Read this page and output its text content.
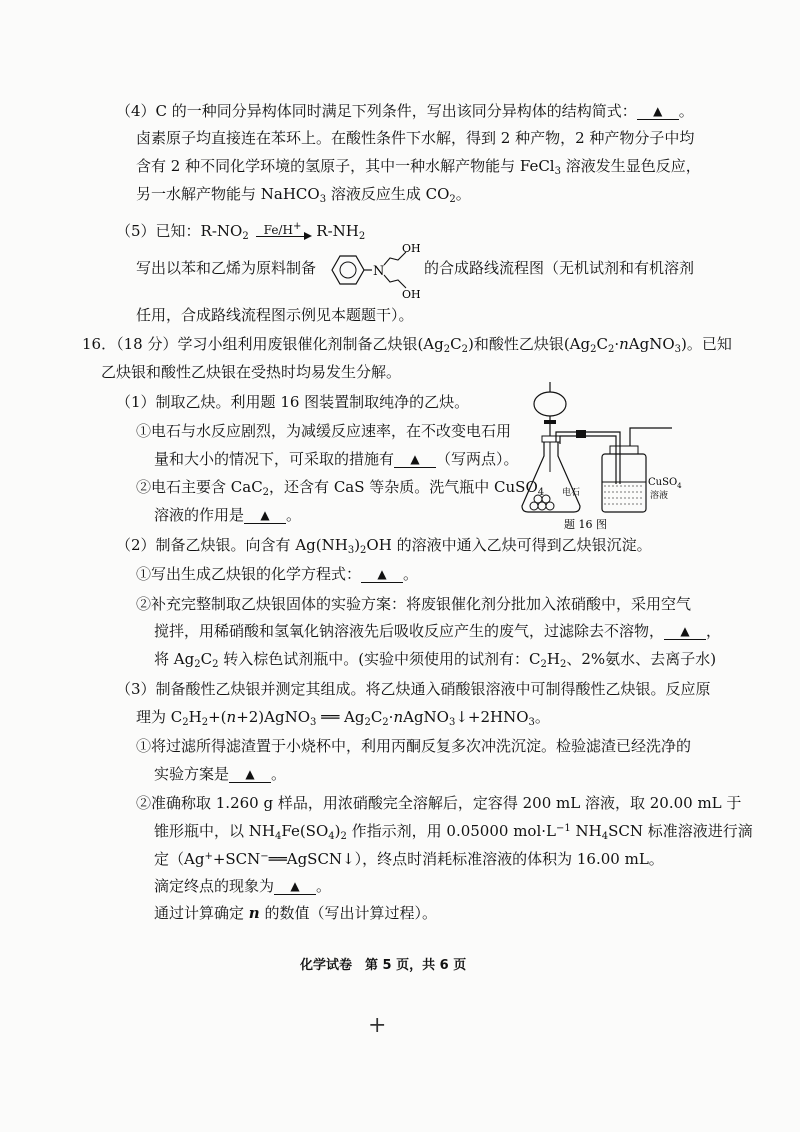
（4）C 的一种同分异构体同时满足下列条件，写出该同分异构体的结构简式： ▲ 。
卤素原子均直接连在苯环上。在酸性条件下水解，得到 2 种产物，2 种产物分子中均
含有 2 种不同化学环境的氢原子，其中一种水解产物能与 FeCl$_3$ 溶液发生显色反应，
另一水解产物能与 NaHCO$_3$ 溶液反应生成 $CO_2$。
（5）已知：$R-NO_2$ Fe/H+ $R-NH_2$
写出以苯和乙烯为原料制备	N
OH
OH
的合成路线流程图（无机试剂和有机溶剂
任用，合成路线流程图示例见本题题干）。
16．（18 分）学习小组利用废银催化剂制备乙炔银$(Ag_2C_2)$和酸性乙炔银$(Ag_2C_2\cdot nAgNO_3)$。已知
乙炔银和酸性乙炔银在受热时均易发生分解。
（1）制取乙炔。利用题 16 图装置制取纯净的乙炔。
①电石与水反应剧烈，为减缓反应速率，在不改变电石用
量和大小的情况下，可采取的措施有 ▲ （写两点）。
②电石主要含 CaC$_2$，还含有 CaS 等杂质。洗气瓶中 CuSO$_4$
溶液的作用是 ▲ 。
电石
CuSO$_4$
溶液
题 16 图
（2）制备乙炔银。向含有 $Ag(NH_3)_2OH$ 的溶液中通入乙炔可得到乙炔银沉淀。
①写出生成乙炔银的化学方程式： ▲ 。
②补充完整制取乙炔银固体的实验方案：将废银催化剂分批加入浓硝酸中，采用空气
搅拌，用稀硝酸和氢氧化钠溶液先后吸收反应产生的废气，过滤除去不溶物， ▲ ，
将 $Ag_2C_2$ 转入棕色试剂瓶中。(实验中须使用的试剂有：$C_2H_2$、2%氨水、去离子水)
（3）制备酸性乙炔银并测定其组成。将乙炔通入硝酸银溶液中可制得酸性乙炔银。反应原
理为 $C_2H_2+(n+2)AgNO_3$ ══ $Ag_2C_2\cdot nAgNO_3↓+2HNO_3$。
①将过滤所得滤渣置于小烧杯中，利用丙酮反复多次冲洗沉淀。检验滤渣已经洗净的
实验方案是 ▲ 。
②准确称取 1.260 g 样品，用浓硝酸完全溶解后，定容得 200 mL 溶液，取 20.00 mL 于
锥形瓶中，以 $NH_4Fe(SO_4)_2$ 作指示剂，用 0.05000 $mol\cdot L^{-1}$ $NH_4SCN$ 标准溶液进行滴
定（Ag++SCN−══AgSCN↓），终点时消耗标准溶液的体积为 16.00 mL。
滴定终点的现象为 ▲ 。
通过计算确定 n 的数值（写出计算过程）。
化学试卷　第 5 页，共 6 页
+
